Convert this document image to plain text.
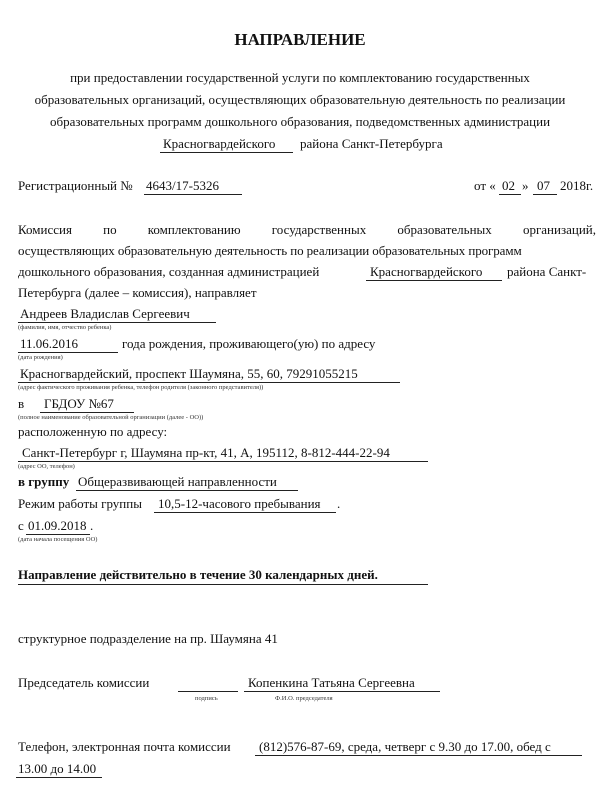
НАПРАВЛЕНИЕ
при предоставлении государственной услуги по комплектованию государственных
образовательных организаций, осуществляющих образовательную деятельность по реализации
образовательных программ дошкольного образования, подведомственных администрации
Красногвардейского района Санкт-Петербурга
Регистрационный № 4643/17-5326	от « 02 » 07 2018г.
Комиссия по комплектованию государственных образовательных организаций,
осуществляющих образовательную деятельность по реализации образовательных программ
дошкольного образования, созданная администрацией	Красногвардейского района Санкт-
Петербурга (далее – комиссия), направляет
Андреев Владислав Сергеевич
(фамилия, имя, отчество ребенка)
11.06.2016	года рождения, проживающего(ую) по адресу
(дата рождения)
Красногвардейский, проспект Шаумяна, 55, 60, 79291055215
(адрес фактического проживания ребенка, телефон родителя (законного представителя))
в ГБДОУ №67
(полное наименование образовательной организации (далее - ОО))
расположенную по адресу:
Санкт-Петербург г, Шаумяна пр-кт, 41, А, 195112, 8-812-444-22-94
(адрес ОО, телефон)
в группу Общеразвивающей направленности
Режим работы группы 10,5-12-часового пребывания .
с 01.09.2018 .
(дата начала посещения ОО)
Направление действительно в течение 30 календарных дней.
структурное подразделение на пр. Шаумяна 41
Председатель комиссии
подпись
Копенкина Татьяна Сергеевна
Ф.И.О. председателя
Телефон, электронная почта комиссии (812)576-87-69, среда, четверг с 9.30 до 17.00, обед с
13.00 до 14.00
